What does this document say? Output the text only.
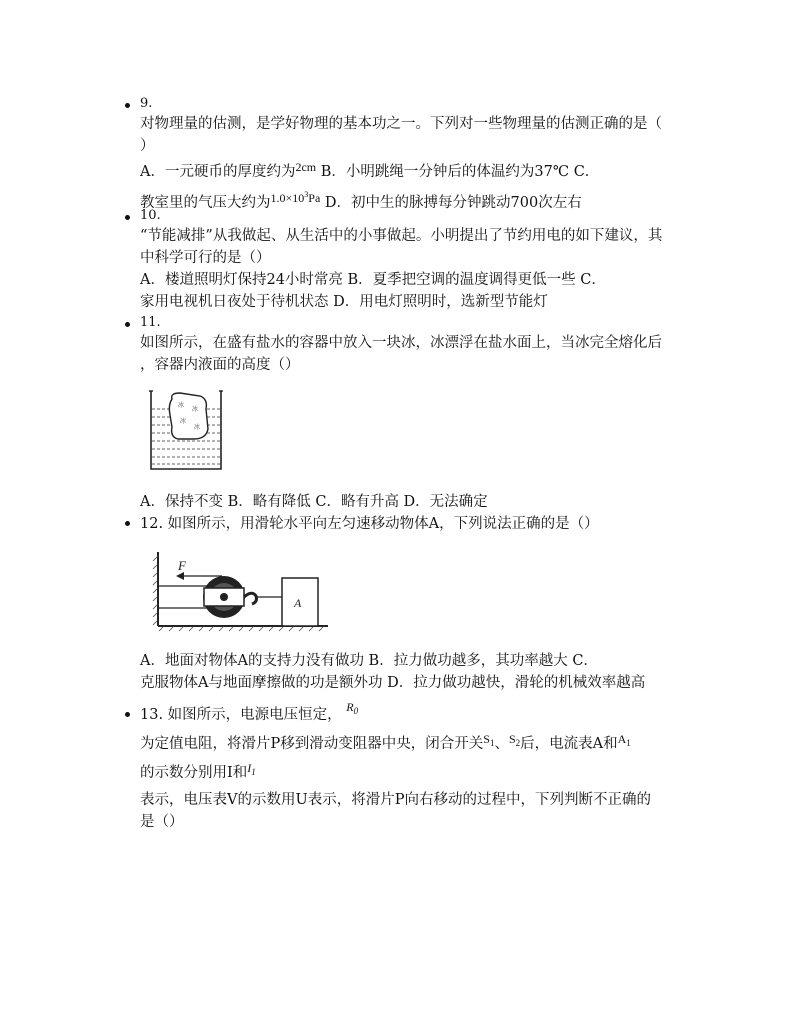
9.
对物理量的估测，是学好物理的基本功之一。下列对一些物理量的估测正确的是（
）
A．一元硬币的厚度约为$^{2cm}$ B．小明跳绳一分钟后的体温约为37℃ C．
教室里的气压大约为$^{1.0\times 10^3Pa}$ D．初中生的脉搏每分钟跳动700次左右
10.
“节能减排”从我做起、从生活中的小事做起。小明提出了节约用电的如下建议，其
中科学可行的是（）
A．楼道照明灯保持24小时常亮 B．夏季把空调的温度调得更低一些 C．
家用电视机日夜处于待机状态 D．用电灯照明时，选新型节能灯
11.
如图所示，在盛有盐水的容器中放入一块冰，冰漂浮在盐水面上，当冰完全熔化后
，容器内液面的高度（）
冰
冰
冰
冰
A．保持不变 B．略有降低 C．略有升高 D．无法确定
12. 如图所示，用滑轮水平向左匀速移动物体A，下列说法正确的是（）
F
A
A．地面对物体A的支持力没有做功 B．拉力做功越多，其功率越大 C．
克服物体A与地面摩擦做的功是额外功 D．拉力做功越快，滑轮的机械效率越高
13. 如图所示，电源电压恒定， $^{R_0}$
为定值电阻，将滑片P移到滑动变阻器中央，闭合开关$^{S_1}$、$^{S_2}$后，电流表A和$^{A_1}$
的示数分别用I和$^{I_1}$
表示，电压表V的示数用U表示，将滑片P向右移动的过程中，下列判断不正确的
是（）
